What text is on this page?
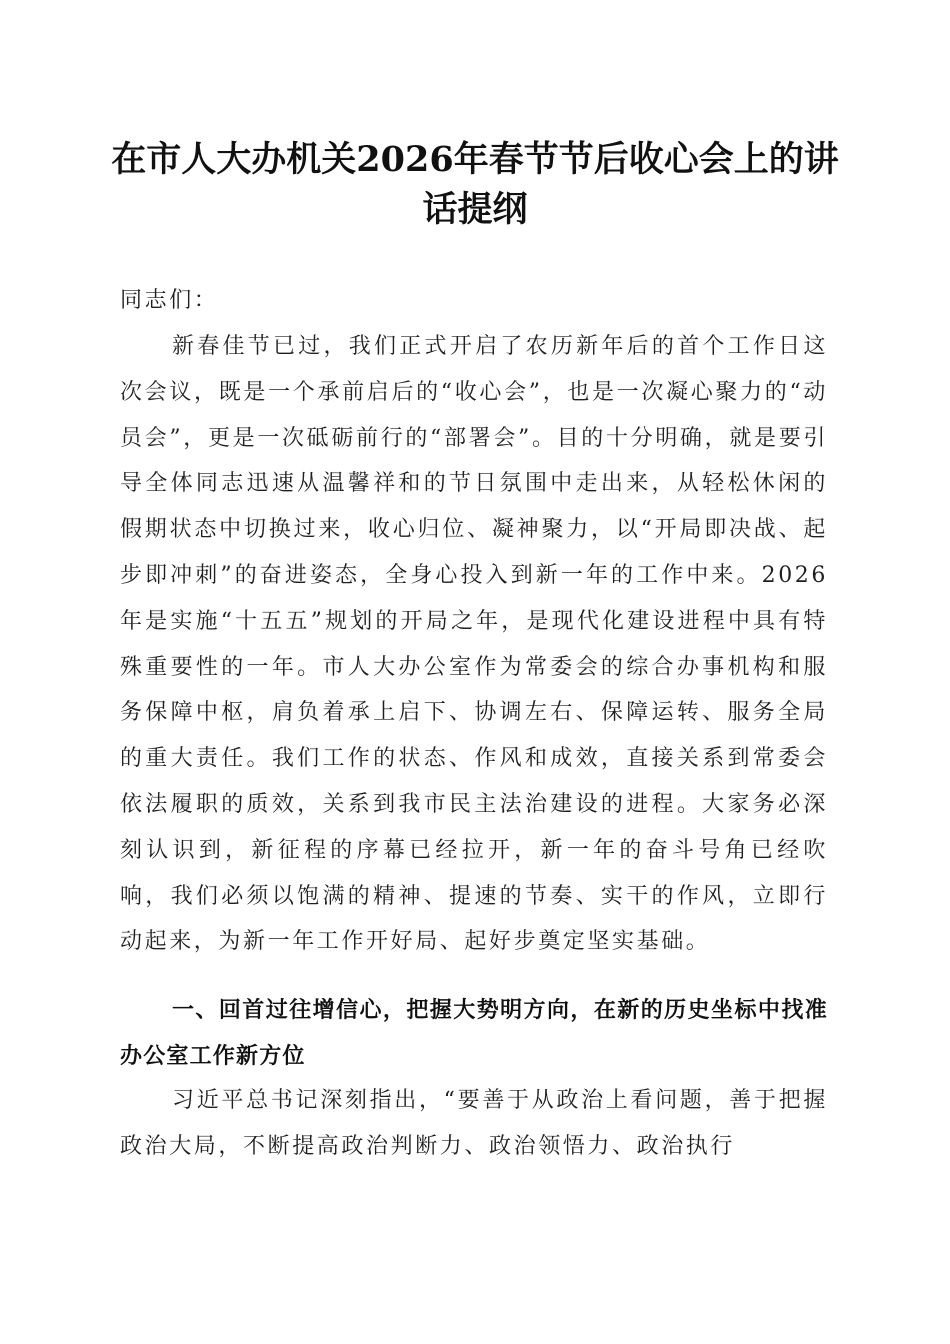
在市人大办机关2026年春节节后收心会上的讲话提纲

同志们：

新春佳节已过，我们正式开启了农历新年后的首个工作日这次会议，既是一个承前启后的“收心会”，也是一次凝心聚力的“动员会”，更是一次砥砺前行的“部署会”。目的十分明确，就是要引导全体同志迅速从温馨祥和的节日氛围中走出来，从轻松休闲的假期状态中切换过来，收心归位、凝神聚力，以“开局即决战、起步即冲刺”的奋进姿态，全身心投入到新一年的工作中来。2026年是实施“十五五”规划的开局之年，是现代化建设进程中具有特殊重要性的一年。市人大办公室作为常委会的综合办事机构和服务保障中枢，肩负着承上启下、协调左右、保障运转、服务全局的重大责任。我们工作的状态、作风和成效，直接关系到常委会依法履职的质效，关系到我市民主法治建设的进程。大家务必深刻认识到，新征程的序幕已经拉开，新一年的奋斗号角已经吹响，我们必须以饱满的精神、提速的节奏、实干的作风，立即行动起来，为新一年工作开好局、起好步奠定坚实基础。

一、回首过往增信心，把握大势明方向，在新的历史坐标中找准办公室工作新方位

习近平总书记深刻指出，“要善于从政治上看问题，善于把握政治大局，不断提高政治判断力、政治领悟力、政治执行
